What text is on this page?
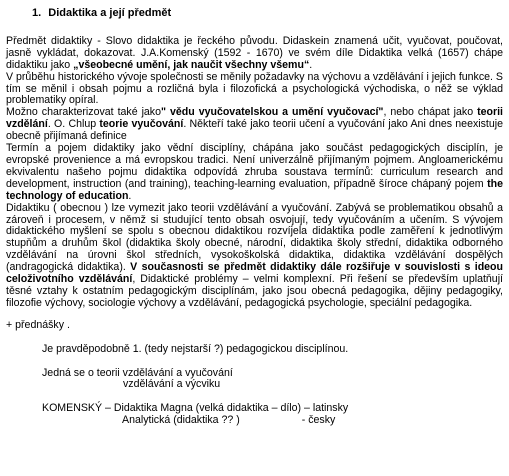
1. Didaktika a její předmět

Předmět didaktiky - Slovo didaktika je řeckého původu. Didaskein znamená učit, vyučovat, poučovat, jasně vykládat, dokazovat. J.A.Komenský (1592 - 1670) ve svém díle Didaktika velká (1657) chápe didaktiku jako „všeobecné umění, jak naučit všechny všemu“.

V průběhu historického vývoje společnosti se měnily požadavky na výchovu a vzdělávání i jejich funkce. S tím se měnil i obsah pojmu a rozličná byla i filozofická a psychologická východiska, o něž se výklad problematiky opíral.

Možno charakterizovat také jako" vědu vyučovatelskou a umění vyučovací", nebo chápat jako teorii vzdělání. O. Chlup teorie vyučování. Někteří také jako teorii učení a vyučování jako Ani dnes neexistuje obecně přijímaná definice

Termín a pojem didaktiky jako vědní disciplíny, chápána jako součást pedagogických disciplín, je evropské provenience a má evropskou tradici. Není univerzálně přijímaným pojmem. Angloamerickému ekvivalentu našeho pojmu didaktika odpovídá zhruba soustava termínů: curriculum research and development, instruction (and training), teaching-learning evaluation, případně šíroce chápaný pojem the technology of education.

Didaktiku ( obecnou ) lze vymezit jako teorii vzdělávání a vyučování. Zabývá se problematikou obsahů a zároveň i procesem, v němž si studující tento obsah osvojují, tedy vyučováním a učením. S vývojem didaktického myšlení se spolu s obecnou didaktikou rozvíjela didaktika podle zaměření k jednotlivým stupňům a druhům škol (didaktika školy obecné, národní, didaktika školy střední, didaktika odborného vzdělávání na úrovni škol středních, vysokoškolská didaktika, didaktika vzdělávání dospělých (andragogická didaktika). V současnosti se předmět didaktiky dále rozšiřuje v souvislosti s ideou celoživotního vzdělávání, Didaktické problémy – velmi komplexní. Při řešení se především uplatňují těsné vztahy k ostatním pedagogickým disciplínám, jako jsou obecná pedagogika, dějiny pedagogiky, filozofie výchovy, sociologie výchovy a vzdělávání, pedagogická psychologie, speciální pedagogika.

+ přednášky .
Je pravděpodobně 1. (tedy nejstarší ?) pedagogickou disciplínou.
Jedná se o teorii vzdělávání a vyučování
vzdělávání a výcviku
KOMENSKÝ – Didaktika Magna (velká didaktika – dílo) – latinsky
Analytická (didaktika ?? )	- česky
